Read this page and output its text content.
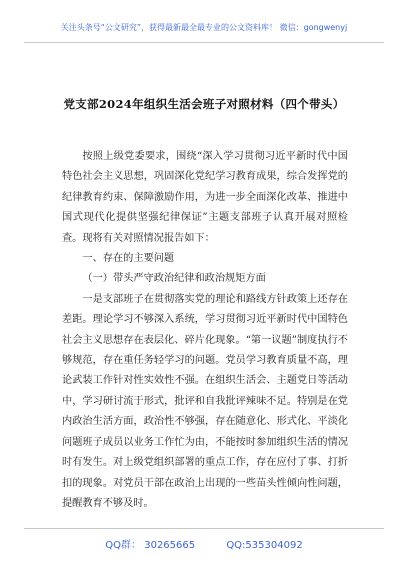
关注头条号“公文研究”，获得最新最全最专业的公文资料库！ 微信：gongwenyj
党支部2024年组织生活会班子对照材料（四个带头）

按照上级党委要求，围绕“深入学习贯彻习近平新时代中国特色社会主义思想，巩固深化党纪学习教育成果，综合发挥党的纪律教育约束、保障激励作用，为进一步全面深化改革、推进中国式现代化提供坚强纪律保证”主题支部班子认真开展对照检查。现将有关对照情况报告如下：

一、存在的主要问题
（一）带头严守政治纪律和政治规矩方面

一是支部班子在贯彻落实党的理论和路线方针政策上还存在差距。理论学习不够深入系统，学习贯彻习近平新时代中国特色社会主义思想存在表层化、碎片化现象。“第一议题”制度执行不够规范，存在重任务轻学习的问题。党员学习教育质量不高，理论武装工作针对性实效性不强。在组织生活会、主题党日等活动中，学习研讨流于形式，批评和自我批评辣味不足。特别是在党内政治生活方面，政治性不够强，存在随意化、形式化、平淡化问题班子成员以业务工作忙为由，不能按时参加组织生活的情况时有发生。对上级党组织部署的重点工作，存在应付了事、打折扣的现象。对党员干部在政治上出现的一些苗头性倾向性问题，提醒教育不够及时。

QQ群： 30265665	QQ:535304092
